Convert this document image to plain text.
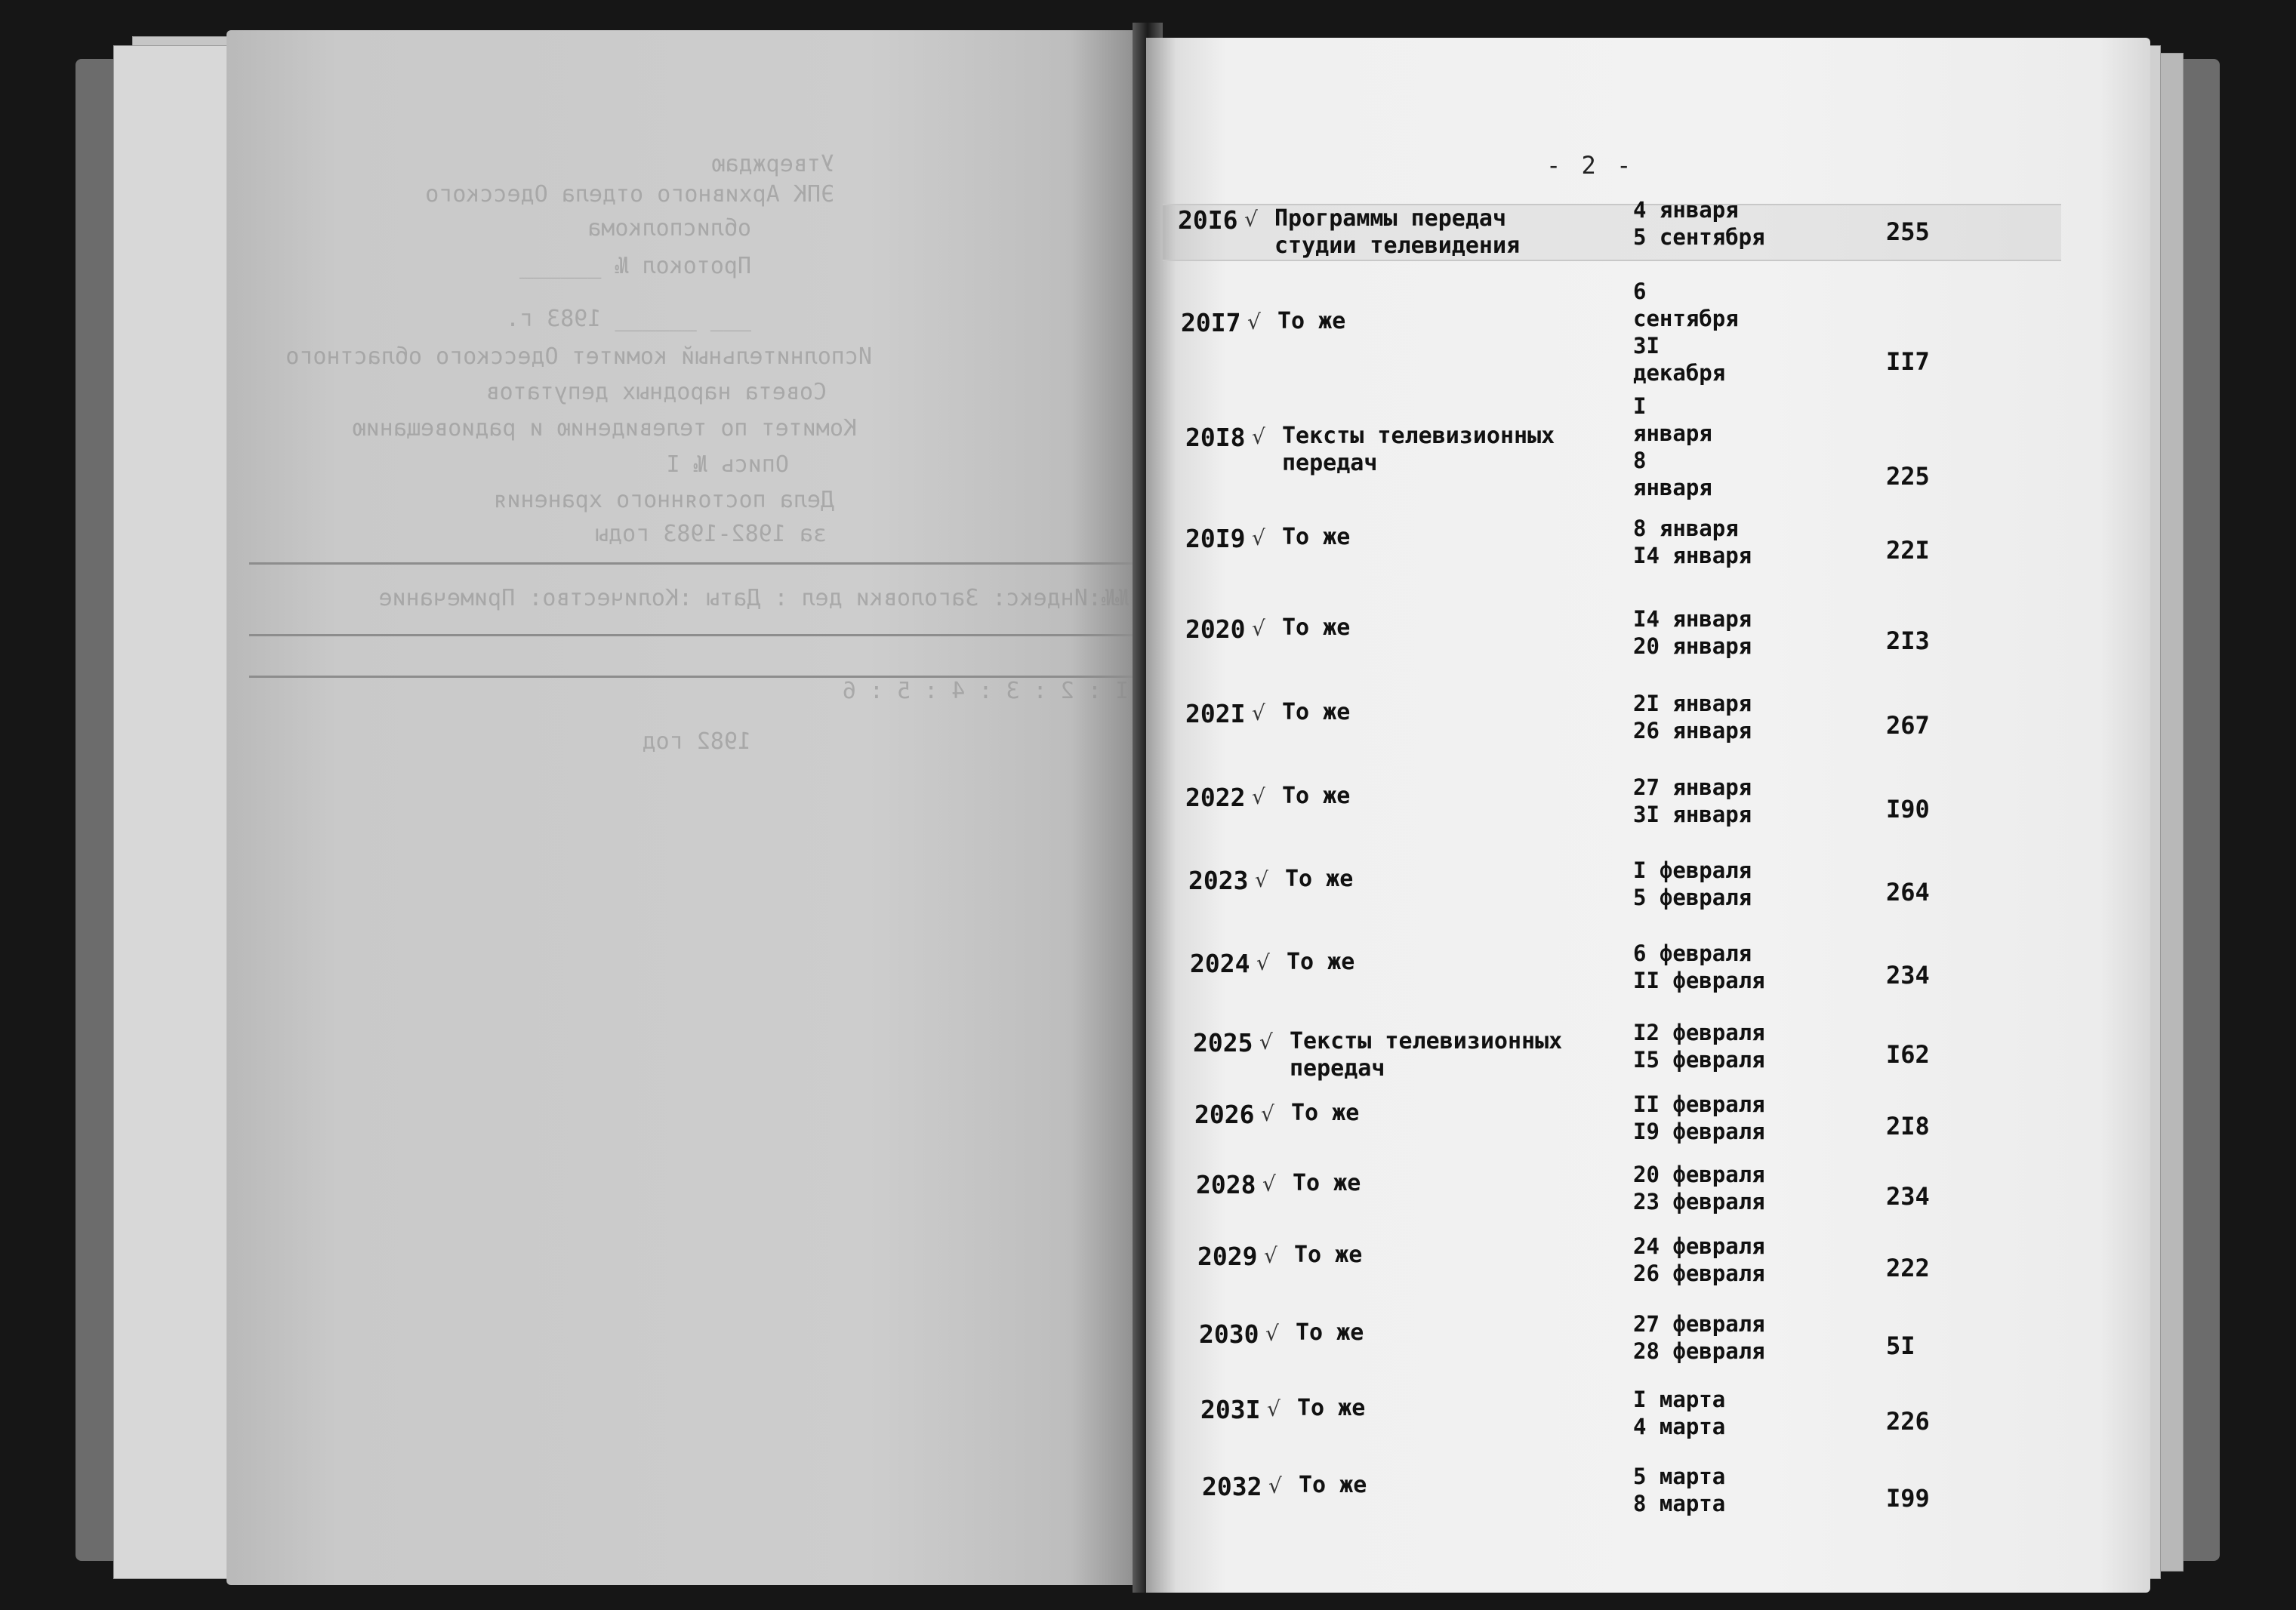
Утверждаю
ЭПК Архивного отдела Одесского
облисполкома
Протокол № ______
___ ______ 1983 г.
Исполнительный комитет Одесского областного
Совета народных депутатов
Комитет по телевидению и радиовещанию
Опись № I
Дела постоянного хранения
за 1982-1983 годы
№№:Индекс: Заголовки дел : Даты :Количество: Примечание
I : 2 : 3 : 4 : 5 : 6
1982 год
- 2 -
20I6 √ Программы передач
студии телевидения
4 января
5 сентября	255
20I7 √ То же
6
сентября
3I
декабря	II7
20I8 √ Тексты телевизионных
передач
I
января
8
января	225
20I9 √ То же	8 января
I4 января	22I
2020 √ То же	I4 января
20 января	2I3
202I √ То же	2I января
26 января	267
2022 √ То же	27 января
3I января	I90
2023 √ То же	I февраля
5 февраля	264
2024 √ То же	6 февраля
II февраля	234
2025 √ Тексты телевизионных
передач
I2 февраля
I5 февраля	I62
2026 √ То же	II февраля
I9 февраля	2I8
2028 √ То же	20 февраля
23 февраля	234
2029 √ То же	24 февраля
26 февраля	222
2030 √ То же	27 февраля
28 февраля	5I
203I √ То же	I марта
4 марта	226
2032 √ То же	5 марта
8 марта	I99
